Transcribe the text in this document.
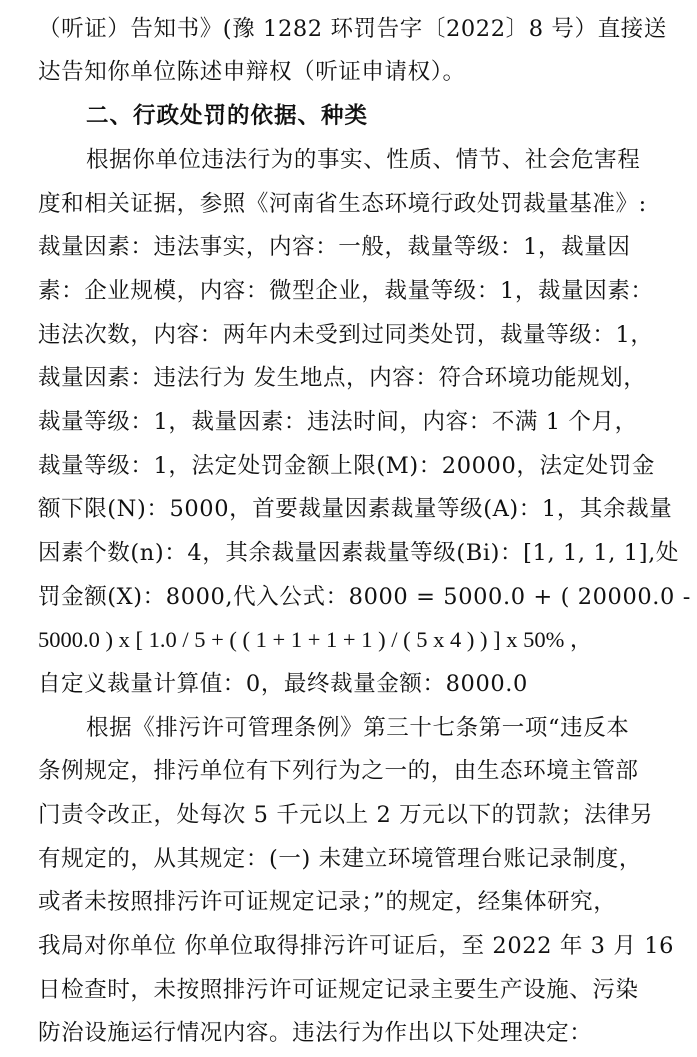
（听证）告知书》(豫 1282 环罚告字〔2022〕8 号）直接送
达告知你单位陈述申辩权（听证申请权）。
二、行政处罚的依据、种类
根据你单位违法行为的事实、性质、情节、社会危害程
度和相关证据，参照《河南省生态环境行政处罚裁量基准》:
裁量因素：违法事实，内容：一般，裁量等级：1，裁量因
素：企业规模，内容：微型企业，裁量等级：1，裁量因素：
违法次数，内容：两年内未受到过同类处罚，裁量等级：1，
裁量因素：违法行为 发生地点，内容：符合环境功能规划，
裁量等级：1，裁量因素：违法时间，内容：不满 1 个月，
裁量等级：1，法定处罚金额上限(M)：20000，法定处罚金
额下限(N)：5000，首要裁量因素裁量等级(A)：1，其余裁量
因素个数(n)：4，其余裁量因素裁量等级(Bi)：[1, 1, 1, 1],处
罚金额(X)：8000,代入公式：8000 = 5000.0 + ( 20000.0 -
5000.0 ) x [ 1.0 / 5 + ( ( 1 + 1 + 1 + 1 ) / ( 5 x 4 ) ) ] x 50% ，
自定义裁量计算值：0，最终裁量金额：8000.0
根据《排污许可管理条例》第三十七条第一项“违反本
条例规定，排污单位有下列行为之一的，由生态环境主管部
门责令改正，处每次 5 千元以上 2 万元以下的罚款；法律另
有规定的，从其规定：(一) 未建立环境管理台账记录制度，
或者未按照排污许可证规定记录；”的规定，经集体研究，
我局对你单位 你单位取得排污许可证后，至 2022 年 3 月 16
日检查时，未按照排污许可证规定记录主要生产设施、污染
防治设施运行情况内容。违法行为作出以下处理决定：
